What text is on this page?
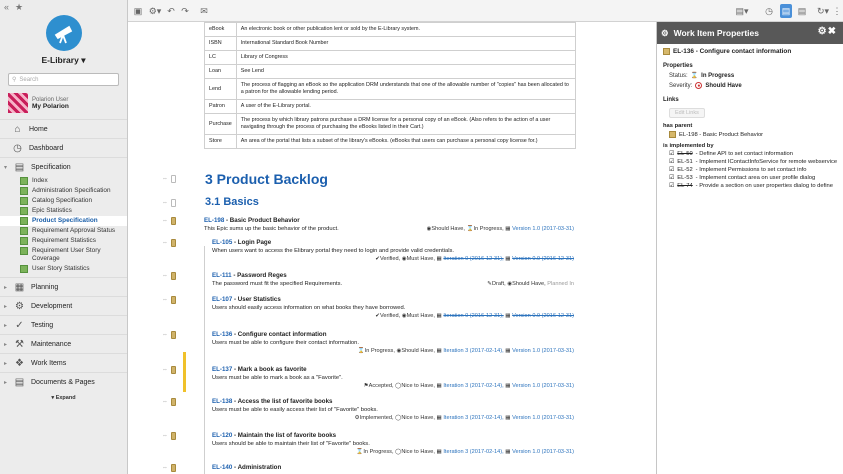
« ★
E-Library ▾
⚲ Search
Polarion User
My Polarion
⌂	Home
◷ Dashboard
▾ ▤ Specification
Index
Administration Specification
Catalog Specification
Epic Statistics
Product Specification
Requirement Approval Status
Requirement Statistics
Requirement User Story Coverage
User Story Statistics
▸ ▦ Planning
▸ ⚙ Development
▸ ✓ Testing
▸ ⚒ Maintenance
▸ ❖ Work Items
▸ ▤ Documents & Pages
▾ Expand
▣ ⚙▾ ↶ ↷ ✉	▤▾ ◷ ▤ ▤ ↻▾ ⋮
eBook	An electronic book or other publication lent or sold by the E-Library system.
ISBN	International Standard Book Number
LC	Library of Congress
Loan	See Lend
Lend	The process of flagging an eBook so the application DRM understands that one of the allowable number of "copies" has been allocated to a patron for the allowable lending period.
Patron	A user of the E-Library portal.
Purchase	The process by which library patrons purchase a DRM license for a personal copy of an eBook. (Also refers to the action of a user navigating through the process of purchasing the eBooks listed in their Cart.)
Store	An area of the portal that lists a subset of the library's eBooks. (eBooks that users can purchase a personal copy license for.)
⇔	3 Product Backlog
⇔	3.1 Basics
⇔	EL-198 - Basic Product Behavior
This Epic sums up the basic behavior of the product.	◉Should Have, ⌛In Progress, ▦ Version 1.0 (2017-03-31)
⇔	EL-105 - Login Page
When users want to access the Elibrary portal they need to login and provide valid credentials.
✔Verified, ◉Must Have, ▦ Iteration 0 (2016-12-31), ▦ Version 0.9 (2016-12-31)
⇔	EL-111 - Password Reges
The password must fit the specified Requirements.	✎Draft, ◉Should Have, Planned In
⇔	EL-107 - User Statistics
Users should easily access information on what books they have borrowed.
✔Verified, ◉Must Have, ▦ Iteration 0 (2016-12-31), ▦ Version 0.9 (2016-12-31)
⇔	EL-136 - Configure contact information
Users must be able to configure their contact information.
⌛In Progress, ◉Should Have, ▦ Iteration 3 (2017-02-14), ▦ Version 1.0 (2017-03-31)
⇔	EL-137 - Mark a book as favorite
Users must be able to mark a book as a "Favorite".
⚑Accepted, ◯Nice to Have, ▦ Iteration 3 (2017-02-14), ▦ Version 1.0 (2017-03-31)
⇔	EL-138 - Access the list of favorite books
Users must be able to easily access their list of "Favorite" books.
⚙Implemented, ◯Nice to Have, ▦ Iteration 3 (2017-02-14), ▦ Version 1.0 (2017-03-31)
⇔	EL-120 - Maintain the list of favorite books
Users should be able to maintain their list of "Favorite" books.
⌛In Progress, ◯Nice to Have, ▦ Iteration 3 (2017-02-14), ▦ Version 1.0 (2017-03-31)
⇔	EL-140 - Administration
⚙ Work Item Properties	⚙✖
EL-136 - Configure contact information
Properties
Status: ⌛ In Progress
Severity: ● Should Have
Links
Edit Links
has parent
EL-198 - Basic Product Behavior
is implemented by
☑ EL-50 - Define API to set contact information
☑ EL-51 - Implement IContactInfoService for remote webservice
☑ EL-52 - Implement Permissions to set contact info
☑ EL-53 - Implement contact area on user profile dialog
☑ EL-74 - Provide a section on user properties dialog to define
